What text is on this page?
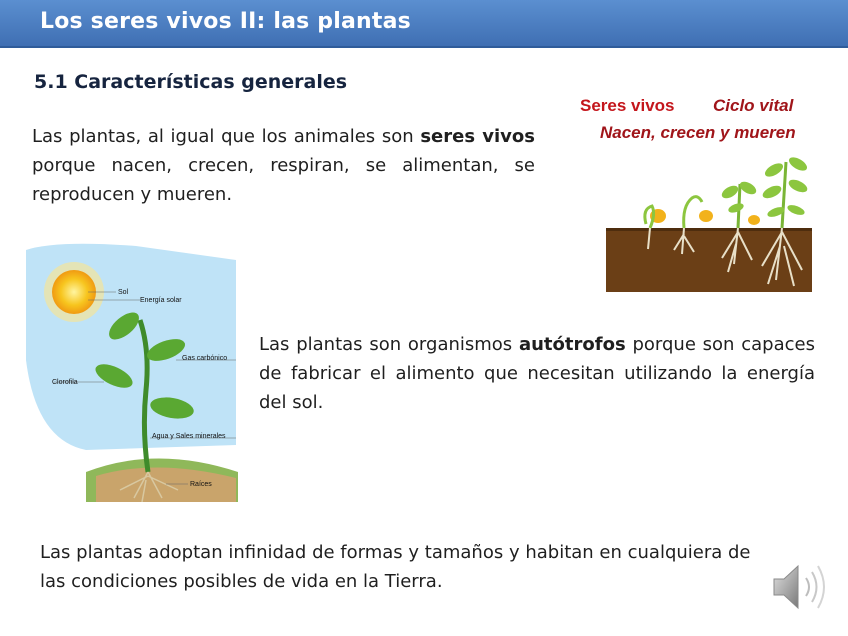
Los seres vivos II: las plantas
5.1 Características generales
Las plantas, al igual que los animales son seres vivos porque nacen, crecen, respiran, se alimentan, se reproducen y mueren.
Seres vivos Ciclo vital
Nacen, crecen y mueren
Sol
Energía solar
Gas carbónico
Clorofila
Agua y Sales minerales
Raíces
Las plantas son organismos autótrofos porque son capaces de fabricar el alimento que necesitan utilizando la energía del sol.
Las plantas adoptan infinidad de formas y tamaños y habitan en cualquiera de las condiciones posibles de vida en la Tierra.
